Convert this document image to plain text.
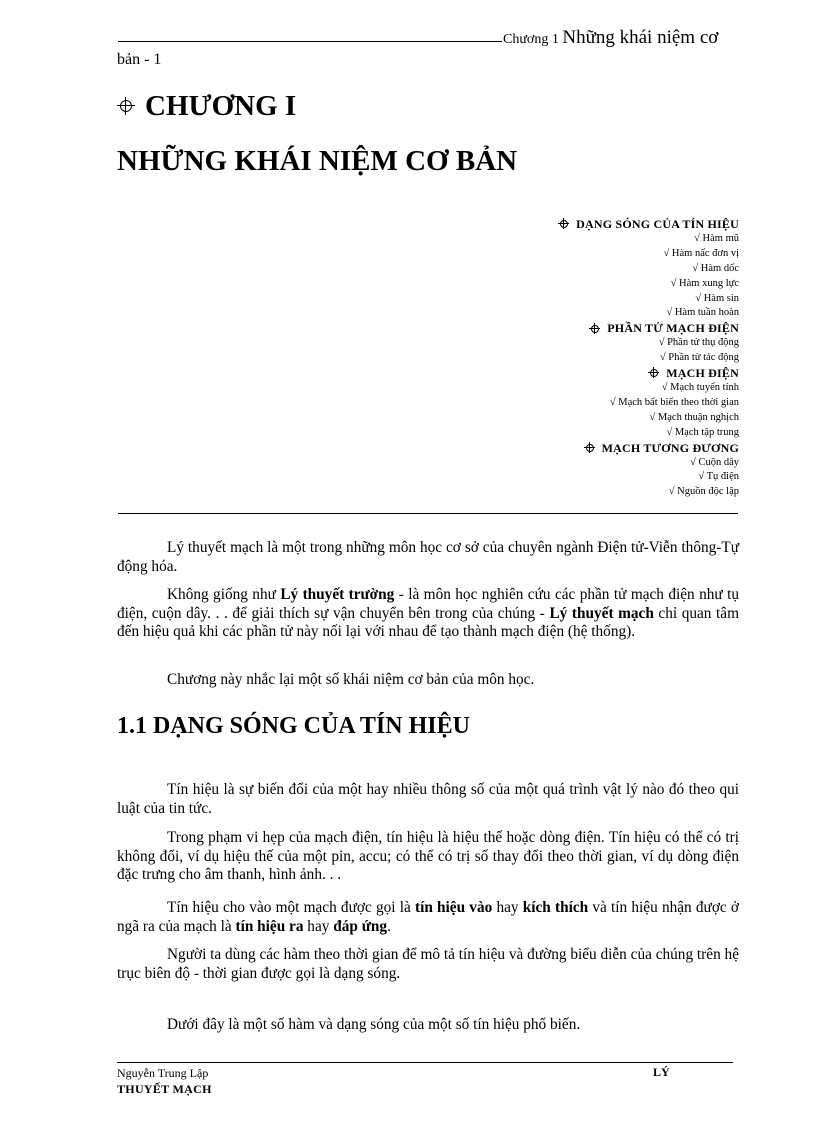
Chương 1 Những khái niệm cơ
bản - 1
CHƯƠNG I
NHỮNG KHÁI NIỆM CƠ BẢN
DẠNG SÓNG CỦA TÍN HIỆU
√ Hàm mũ
√ Hàm nấc đơn vị
√ Hàm dốc
√ Hàm xung lực
√ Hàm sin
√ Hàm tuần hoàn
PHẦN TỬ MẠCH ĐIỆN
√ Phần tử thụ động
√ Phần tử tác động
MẠCH ĐIỆN
√ Mạch tuyến tính
√ Mạch bất biến theo thời gian
√ Mạch thuận nghịch
√ Mạch tập trung
MẠCH TƯƠNG ĐƯƠNG
√ Cuộn dây
√ Tụ điện
√ Nguồn độc lập

Lý thuyết mạch là một trong những môn học cơ sở của chuyên ngành Điện tử-Viễn thông-Tự động hóa.

Không giống như Lý thuyết trường - là môn học nghiên cứu các phần tử mạch điện như tụ điện, cuộn dây. . . để giải thích sự vận chuyển bên trong của chúng - Lý thuyết mạch chỉ quan tâm đến hiệu quả khi các phần tử này nối lại với nhau để tạo thành mạch điện (hệ thống).

Chương này nhắc lại một số khái niệm cơ bản của môn học.

1.1 DẠNG SÓNG CỦA TÍN HIỆU

Tín hiệu là sự biến đổi của một hay nhiều thông số của một quá trình vật lý nào đó theo qui luật của tin tức.

Trong phạm vi hẹp của mạch điện, tín hiệu là hiệu thế hoặc dòng điện. Tín hiệu có thể có trị không đổi, ví dụ hiệu thế của một pin, accu; có thể có trị số thay đổi theo thời gian, ví dụ dòng điện đặc trưng cho âm thanh, hình ảnh. . .

Tín hiệu cho vào một mạch được gọi là tín hiệu vào hay kích thích và tín hiệu nhận được ở ngã ra của mạch là tín hiệu ra hay đáp ứng.

Người ta dùng các hàm theo thời gian để mô tả tín hiệu và đường biểu diễn của chúng trên hệ trục biên độ - thời gian được gọi là dạng sóng.

Dưới đây là một số hàm và dạng sóng của một số tín hiệu phổ biến.

Nguyễn Trung Lập	LÝ
THUYẾT MẠCH
